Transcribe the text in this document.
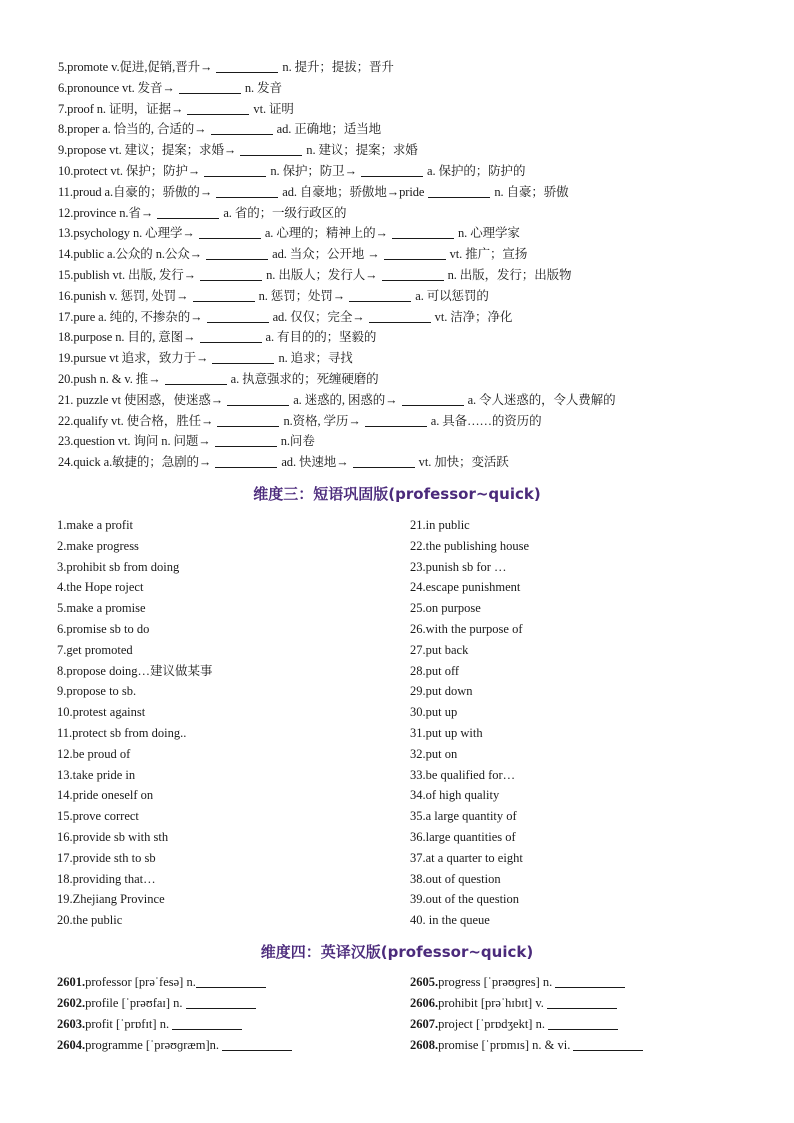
5.promote v.促进,促销,晋升→	n. 提升；提拔；晋升
6.pronounce vt. 发音→	n. 发音
7.proof n. 证明，证据→	vt. 证明
8.proper a. 恰当的, 合适的→	ad. 正确地；适当地
9.propose vt. 建议；提案；求婚→	n. 建议；提案；求婚
10.protect vt. 保护；防护→	n. 保护；防卫→	a. 保护的；防护的
11.proud a.自豪的；骄傲的→	ad. 自豪地；骄傲地→pride	n. 自豪；骄傲
12.province n.省→	a. 省的；一级行政区的
13.psychology n. 心理学→	a. 心理的；精神上的→	n. 心理学家
14.public a.公众的 n.公众→	ad. 当众；公开地 →	vt. 推广；宣扬
15.publish vt. 出版, 发行→	n. 出版人；发行人→	n. 出版，发行；出版物
16.punish v. 惩罚, 处罚→	n. 惩罚；处罚→	a. 可以惩罚的
17.pure a. 纯的, 不掺杂的→	ad. 仅仅；完全→	vt. 洁净；净化
18.purpose n. 目的, 意图→	a. 有目的的；坚毅的
19.pursue vt 追求，致力于→	n. 追求；寻找
20.push n. & v. 推→	a. 执意强求的；死缠硬磨的
21. puzzle vt 使困惑，使迷惑→	a. 迷惑的, 困惑的→	a. 令人迷惑的，令人费解的
22.qualify vt. 使合格，胜任→	n.资格, 学历→	a. 具备……的资历的
23.question vt. 询问 n. 问题→	n.问卷
24.quick a.敏捷的；急剧的→	ad. 快速地→	vt. 加快；变活跃
维度三：短语巩固版(professor~quick)
1.make a profit
2.make progress
3.prohibit sb from doing
4.the Hope roject
5.make a promise
6.promise sb to do
7.get promoted
8.propose doing…建议做某事
9.propose to sb.
10.protest against
11.protect sb from doing..
12.be proud of
13.take pride in
14.pride oneself on
15.prove correct
16.provide sb with sth
17.provide sth to sb
18.providing that…
19.Zhejiang Province
20.the public
21.in public
22.the publishing house
23.punish sb for …
24.escape punishment
25.on purpose
26.with the purpose of
27.put back
28.put off
29.put down
30.put up
31.put up with
32.put on
33.be qualified for…
34.of high quality
35.a large quantity of
36.large quantities of
37.at a quarter to eight
38.out of question
39.out of the question
40. in the queue
维度四：英译汉版(professor~quick)
2601.professor [prəˈfesə] n.
2602.profile [ˈprəʊfaɪ] n.
2603.profit [ˈprɒfɪt] n.
2604.programme [ˈprəʊɡræm]n.
2605.progress [ˈprəʊɡres] n.
2606.prohibit [prəˈhɪbɪt] v.
2607.project [ˈprɒdʒekt] n.
2608.promise [ˈprɒmɪs] n. & vi.
